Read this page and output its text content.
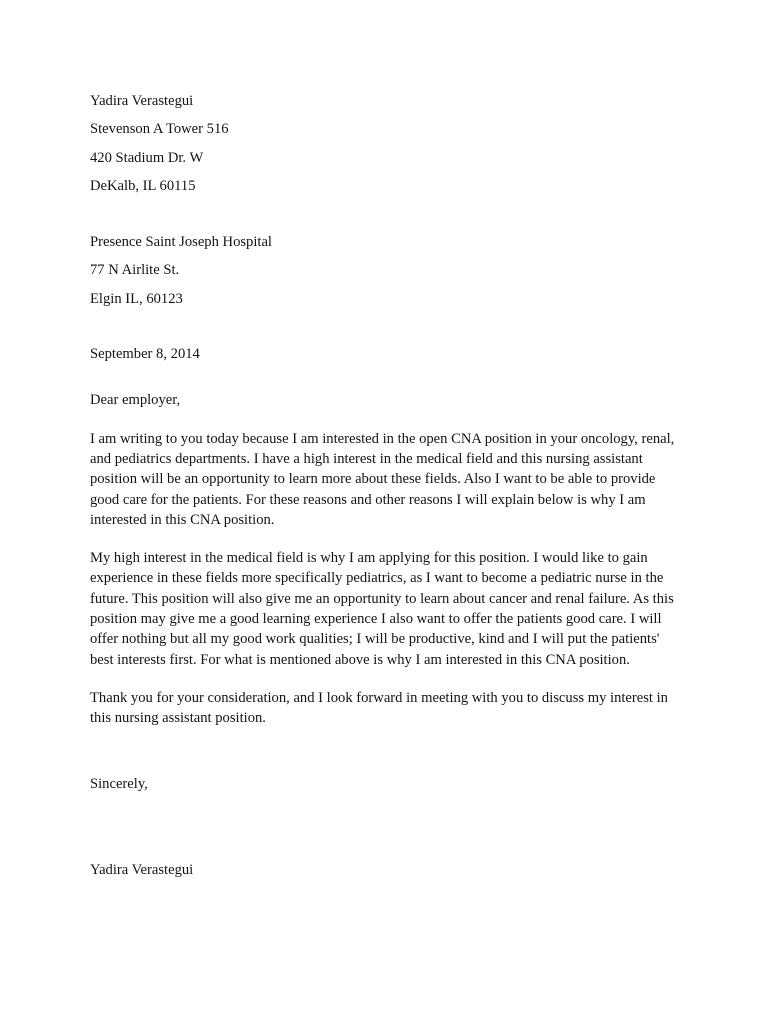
Yadira Verastegui

Stevenson A Tower 516

420 Stadium Dr. W

DeKalb, IL 60115

Presence Saint Joseph Hospital

77 N Airlite St.

Elgin IL, 60123

September 8, 2014

Dear employer,

I am writing to you today because I am interested in the open CNA position in your oncology, renal, and pediatrics departments. I have a high interest in the medical field and this nursing assistant position will be an opportunity to learn more about these fields. Also I want to be able to provide good care for the patients. For these reasons and other reasons I will explain below is why I am interested in this CNA position.

My high interest in the medical field is why I am applying for this position. I would like to gain experience in these fields more specifically pediatrics, as I want to become a pediatric nurse in the future. This position will also give me an opportunity to learn about cancer and renal failure. As this position may give me a good learning experience I also want to offer the patients good care. I will offer nothing but all my good work qualities; I will be productive, kind and I will put the patients' best interests first. For what is mentioned above is why I am interested in this CNA position.

Thank you for your consideration, and I look forward in meeting with you to discuss my interest in this nursing assistant position.

Sincerely,

Yadira Verastegui
